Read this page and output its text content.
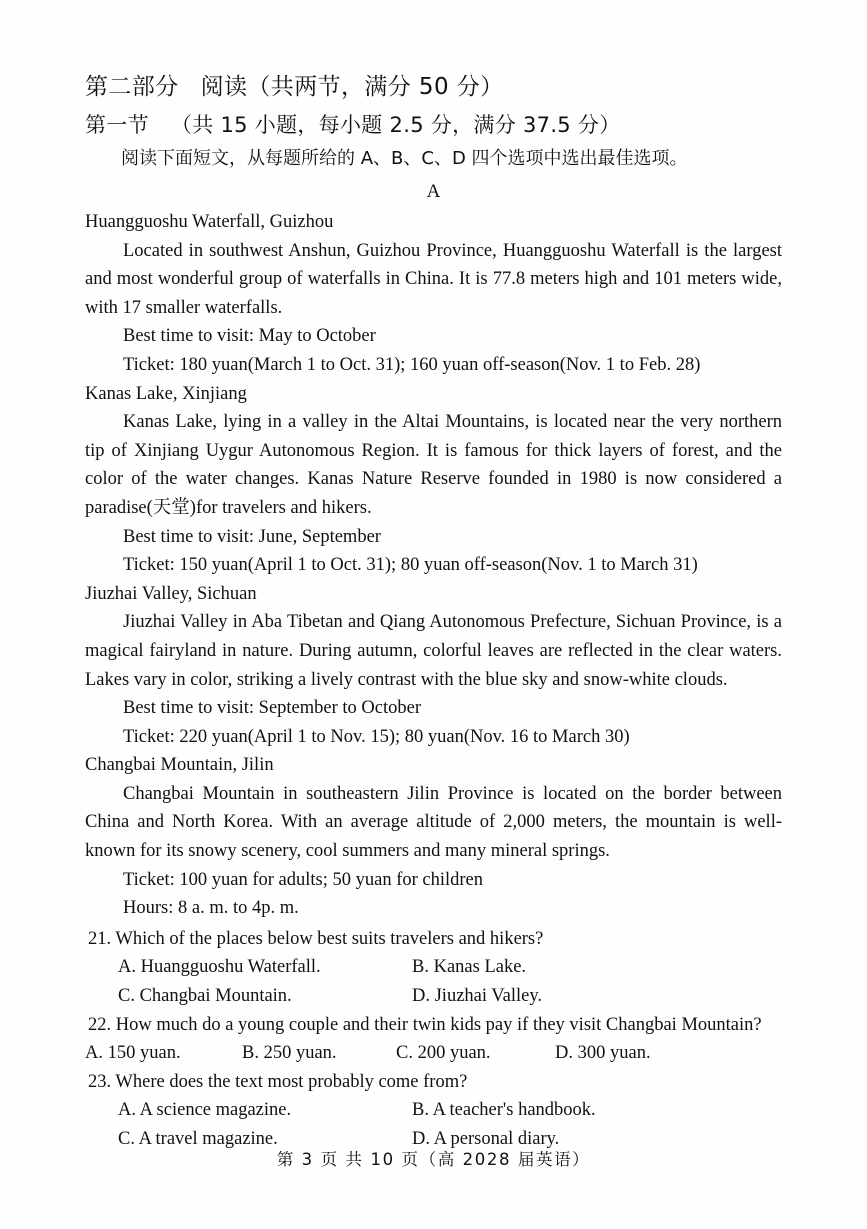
第二部分 阅读（共两节，满分 50 分）
第一节 （共 15 小题，每小题 2.5 分，满分 37.5 分）

阅读下面短文，从每题所给的 A、B、C、D 四个选项中选出最佳选项。

A

Huangguoshu Waterfall, Guizhou

Located in southwest Anshun, Guizhou Province, Huangguoshu Waterfall is the largest and most wonderful group of waterfalls in China. It is 77.8 meters high and 101 meters wide, with 17 smaller waterfalls.

Best time to visit: May to October

Ticket: 180 yuan(March 1 to Oct. 31); 160 yuan off-season(Nov. 1 to Feb. 28)

Kanas Lake, Xinjiang

Kanas Lake, lying in a valley in the Altai Mountains, is located near the very northern tip of Xinjiang Uygur Autonomous Region. It is famous for thick layers of forest, and the color of the water changes. Kanas Nature Reserve founded in 1980 is now considered a paradise(天堂)for travelers and hikers.

Best time to visit: June, September

Ticket: 150 yuan(April 1 to Oct. 31); 80 yuan off-season(Nov. 1 to March 31)

Jiuzhai Valley, Sichuan

Jiuzhai Valley in Aba Tibetan and Qiang Autonomous Prefecture, Sichuan Province, is a magical fairyland in nature. During autumn, colorful leaves are reflected in the clear waters. Lakes vary in color, striking a lively contrast with the blue sky and snow-white clouds.

Best time to visit: September to October

Ticket: 220 yuan(April 1 to Nov. 15); 80 yuan(Nov. 16 to March 30)

Changbai Mountain, Jilin

Changbai Mountain in southeastern Jilin Province is located on the border between China and North Korea. With an average altitude of 2,000 meters, the mountain is well-known for its snowy scenery, cool summers and many mineral springs.

Ticket: 100 yuan for adults; 50 yuan for children

Hours: 8 a. m. to 4p. m.

21. Which of the places below best suits travelers and hikers?

A. Huangguoshu Waterfall.	B. Kanas Lake.
C. Changbai Mountain.	D. Jiuzhai Valley.

22. How much do a young couple and their twin kids pay if they visit Changbai Mountain?

A. 150 yuan.	B. 250 yuan.	C. 200 yuan.	D. 300 yuan.

23. Where does the text most probably come from?

A. A science magazine.	B. A teacher's handbook.
C. A travel magazine.	D. A personal diary.
第 3 页 共 10 页（高 2028 届英语）
